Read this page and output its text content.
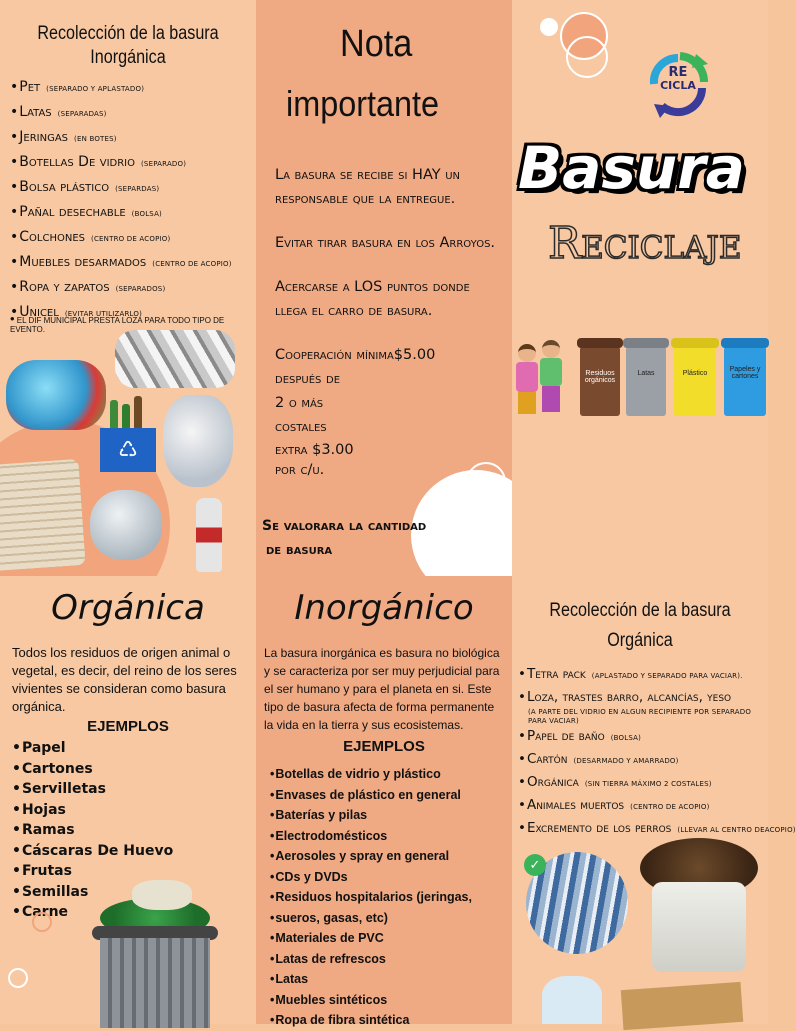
Recolección de la basura
Inorgánica
• Pet (SEPARADO Y APLASTADO)
• Latas (SEPARADAS)
• Jeringas (EN BOTES)
• Botellas De vidrio (SEPARADO)
• Bolsa plástico (SEPARDAS)
• Pañal desechable (BOLSA)
• Colchones (CENTRO DE ACOPIO)
• Muebles desarmados (CENTRO DE ACOPIO)
• Ropa y zapatos (SEPARADOS)
• Unicel (EVITAR UTILIZARLO)
• EL DIF MUNICIPAL PRESTA LOZA PARA TODO TIPO DE EVENTO.
♺
Nota
importante

La basura se recibe si HAY un responsable que la entregue.

Evitar tirar basura en los Arroyos.

Acercarse a LOS puntos donde llega el carro de basura.

Cooperación mínima$5.00
después de
2 o más
costales
extra $3.00
por c/u.
Se valorara la cantidad
de basura
RE
CICLA
Basura
Reciclaje
Residuos orgánicos
Latas	Plástico
Papeles y cartones
Orgánica

Todos los residuos de origen animal o vegetal, es decir, del reino de los seres vivientes se consideran como basura orgánica.

EJEMPLOS
• Papel
• Cartones
• Servilletas
• Hojas
• Ramas
• Cáscaras De Huevo
• Frutas
• Semillas
• Carne
Inorgánico

La basura inorgánica es basura no biológica y se caracteriza por ser muy perjudicial para el ser humano y para el planeta en si. Este tipo de basura afecta de forma permanente la vida en la tierra y sus ecosistemas.

EJEMPLOS
• Botellas de vidrio y plástico
• Envases de plástico en general
• Baterías y pilas
• Electrodomésticos
• Aerosoles y spray en general
• CDs y DVDs
• Residuos hospitalarios (jeringas,
• sueros, gasas, etc)
• Materiales de PVC
• Latas de refrescos
• Latas
• Muebles sintéticos
• Ropa de fibra sintética
Recolección de la basura
Orgánica
• Tetra pack (APLASTADO Y SEPARADO PARA VACIAR).
• Loza, trastes barro, alcancías, yeso
(A PARTE DEL VIDRIO EN ALGUN RECIPIENTE POR SEPARADO PARA VACIAR)
• Papel de baño (BOLSA)
• Cartón (DESARMADO Y AMARRADO)
• Orgánica (SIN TIERRA MÁXIMO 2 COSTALES)
• Animales muertos (CENTRO DE ACOPIO)
• Excremento de los perros (LLEVAR AL CENTRO DEACOPIO)
✓
